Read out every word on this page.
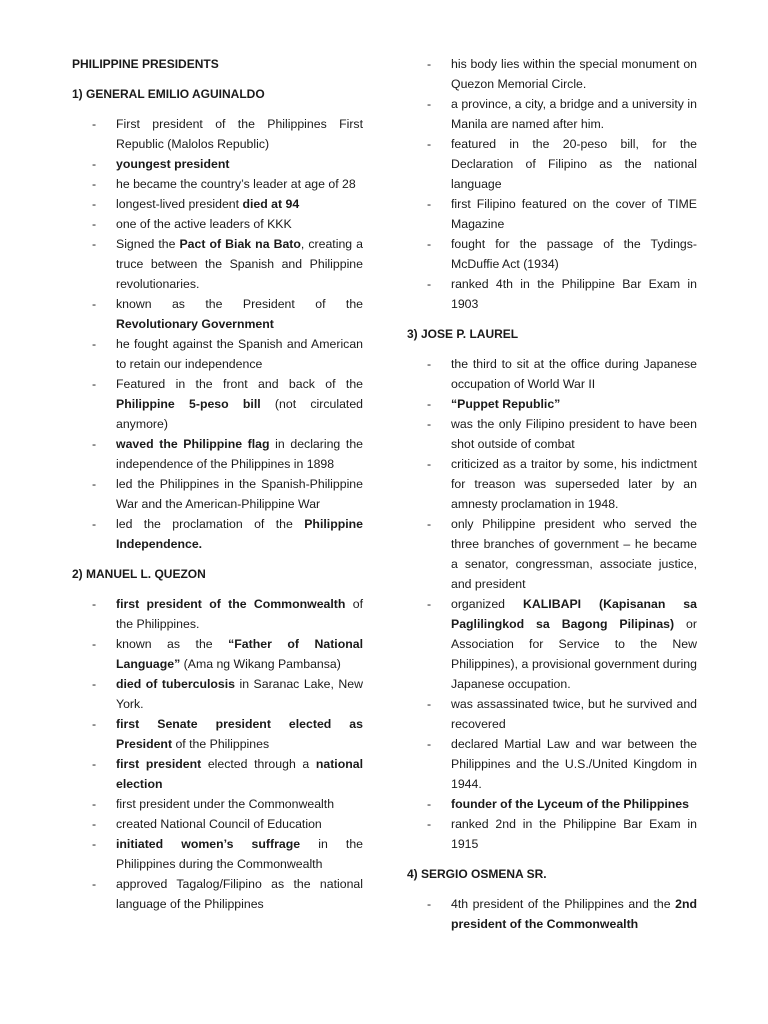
PHILIPPINE PRESIDENTS

1) GENERAL EMILIO AGUINALDO

- First president of the Philippines First Republic (Malolos Republic)
- youngest president
- he became the country’s leader at age of 28
- longest-lived president died at 94
- one of the active leaders of KKK
- Signed the Pact of Biak na Bato, creating a truce between the Spanish and Philippine revolutionaries.
- known as the President of the Revolutionary Government
- he fought against the Spanish and American to retain our independence
- Featured in the front and back of the Philippine 5-peso bill (not circulated anymore)
- waved the Philippine flag in declaring the independence of the Philippines in 1898
- led the Philippines in the Spanish-Philippine War and the American-Philippine War
- led the proclamation of the Philippine Independence.

2) MANUEL L. QUEZON

- first president of the Commonwealth of the Philippines.
- known as the “Father of National Language” (Ama ng Wikang Pambansa)
- died of tuberculosis in Saranac Lake, New York.
- first Senate president elected as President of the Philippines
- first president elected through a national election
- first president under the Commonwealth
- created National Council of Education
- initiated women’s suffrage in the Philippines during the Commonwealth
- approved Tagalog/Filipino as the national language of the Philippines
- his body lies within the special monument on Quezon Memorial Circle.
- a province, a city, a bridge and a university in Manila are named after him.
- featured in the 20-peso bill, for the Declaration of Filipino as the national language
- first Filipino featured on the cover of TIME Magazine
- fought for the passage of the Tydings-McDuffie Act (1934)
- ranked 4th in the Philippine Bar Exam in 1903

3) JOSE P. LAUREL

- the third to sit at the office during Japanese occupation of World War II
- “Puppet Republic”
- was the only Filipino president to have been shot outside of combat
- criticized as a traitor by some, his indictment for treason was superseded later by an amnesty proclamation in 1948.
- only Philippine president who served the three branches of government – he became a senator, congressman, associate justice, and president
- organized KALIBAPI (Kapisanan sa Paglilingkod sa Bagong Pilipinas) or Association for Service to the New Philippines), a provisional government during Japanese occupation.
- was assassinated twice, but he survived and recovered
- declared Martial Law and war between the Philippines and the U.S./United Kingdom in 1944.
- founder of the Lyceum of the Philippines
- ranked 2nd in the Philippine Bar Exam in 1915

4) SERGIO OSMENA SR.

- 4th president of the Philippines and the 2nd president of the Commonwealth
